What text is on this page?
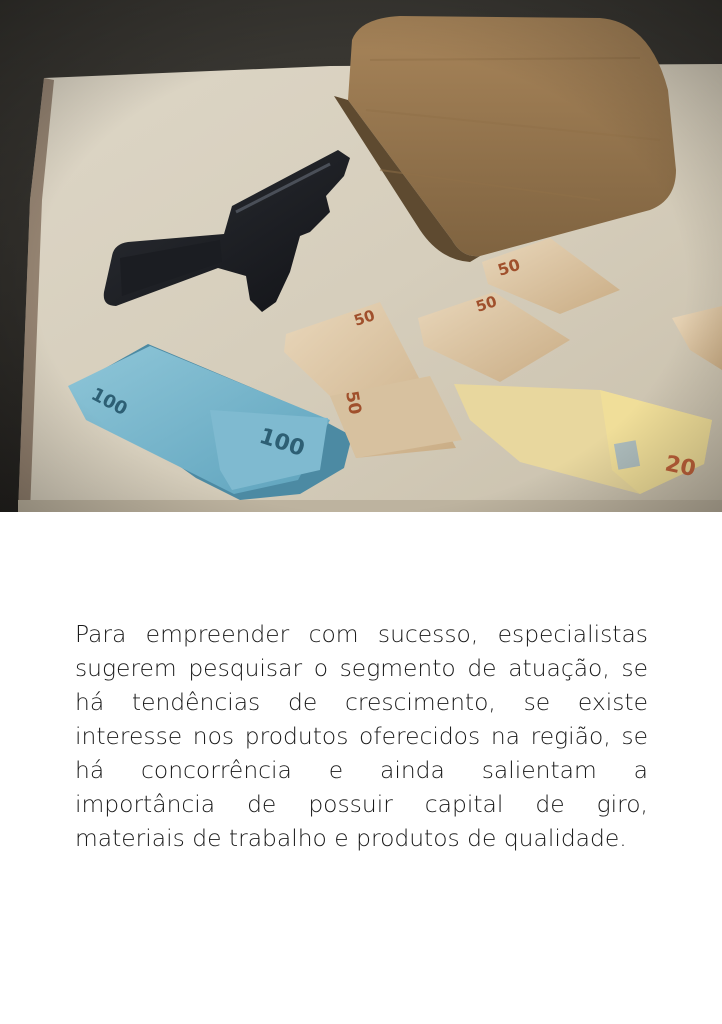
Para empreender com sucesso, especialistas
sugerem pesquisar o segmento de atuação, se
há tendências de crescimento, se existe
interesse nos produtos oferecidos na região, se
há concorrência e ainda salientam a
importância de possuir capital de giro,
materiais de trabalho e produtos de qualidade.
